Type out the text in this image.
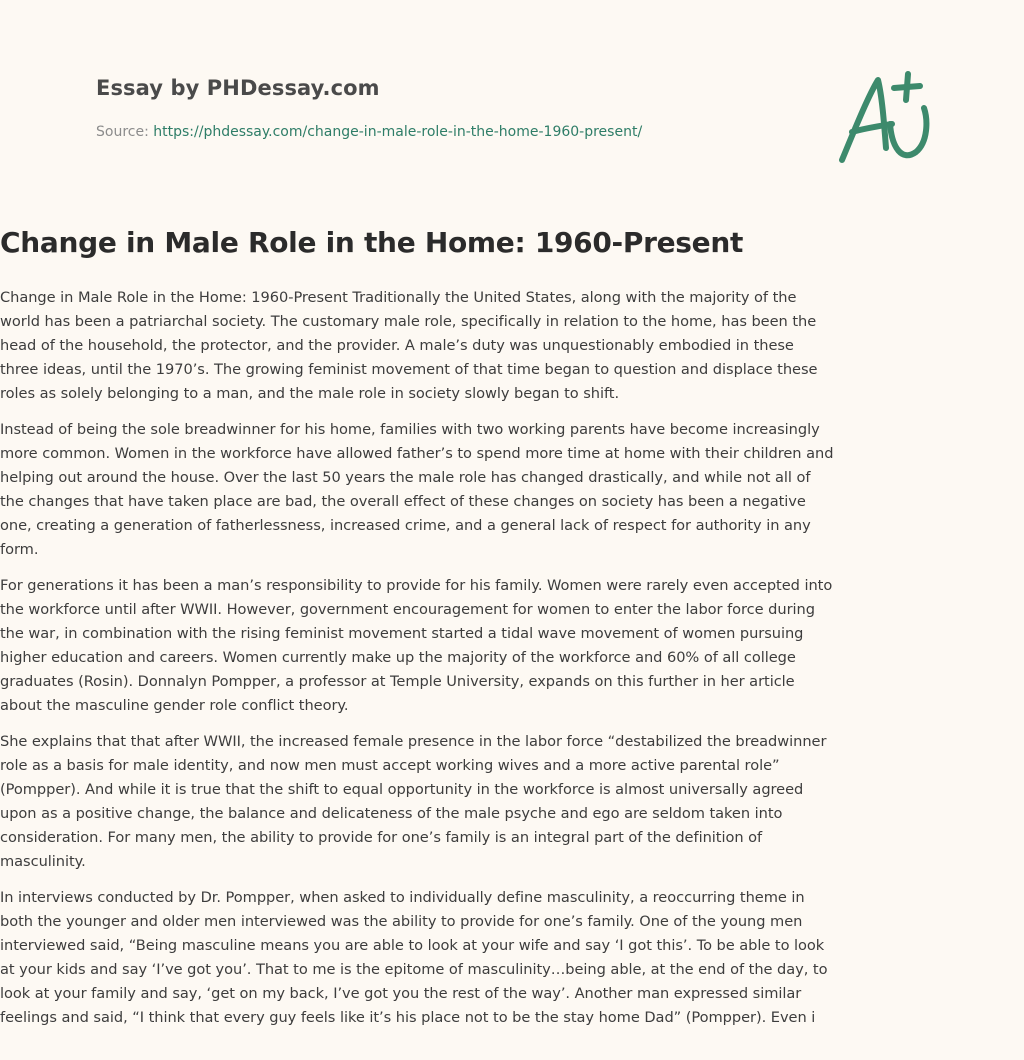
Essay by PHDessay.com
Source: https://phdessay.com/change-in-male-role-in-the-home-1960-present/
Change in Male Role in the Home: 1960-Present

Change in Male Role in the Home: 1960-Present Traditionally the United States, along with the majority of the world has been a patriarchal society. The customary male role, specifically in relation to the home, has been the head of the household, the protector, and the provider. A male’s duty was unquestionably embodied in these three ideas, until the 1970’s. The growing feminist movement of that time began to question and displace these roles as solely belonging to a man, and the male role in society slowly began to shift.

Instead of being the sole breadwinner for his home, families with two working parents have become increasingly more common. Women in the workforce have allowed father’s to spend more time at home with their children and helping out around the house. Over the last 50 years the male role has changed drastically, and while not all of the changes that have taken place are bad, the overall effect of these changes on society has been a negative one, creating a generation of fatherlessness, increased crime, and a general lack of respect for authority in any form.

For generations it has been a man’s responsibility to provide for his family. Women were rarely even accepted into the workforce until after WWII. However, government encouragement for women to enter the labor force during the war, in combination with the rising feminist movement started a tidal wave movement of women pursuing higher education and careers. Women currently make up the majority of the workforce and 60% of all college graduates (Rosin). Donnalyn Pompper, a professor at Temple University, expands on this further in her article about the masculine gender role conflict theory.

She explains that that after WWII, the increased female presence in the labor force “destabilized the breadwinner role as a basis for male identity, and now men must accept working wives and a more active parental role” (Pompper). And while it is true that the shift to equal opportunity in the workforce is almost universally agreed upon as a positive change, the balance and delicateness of the male psyche and ego are seldom taken into consideration. For many men, the ability to provide for one’s family is an integral part of the definition of masculinity.

In interviews conducted by Dr. Pompper, when asked to individually define masculinity, a reoccurring theme in both the younger and older men interviewed was the ability to provide for one’s family. One of the young men interviewed said, “Being masculine means you are able to look at your wife and say ‘I got this’. To be able to look at your kids and say ‘I’ve got you’. That to me is the epitome of masculinity…being able, at the end of the day, to look at your family and say, ‘get on my back, I’ve got you the rest of the way’. Another man expressed similar feelings and said, “I think that every guy feels like it’s his place not to be the stay home Dad” (Pompper). Even i
